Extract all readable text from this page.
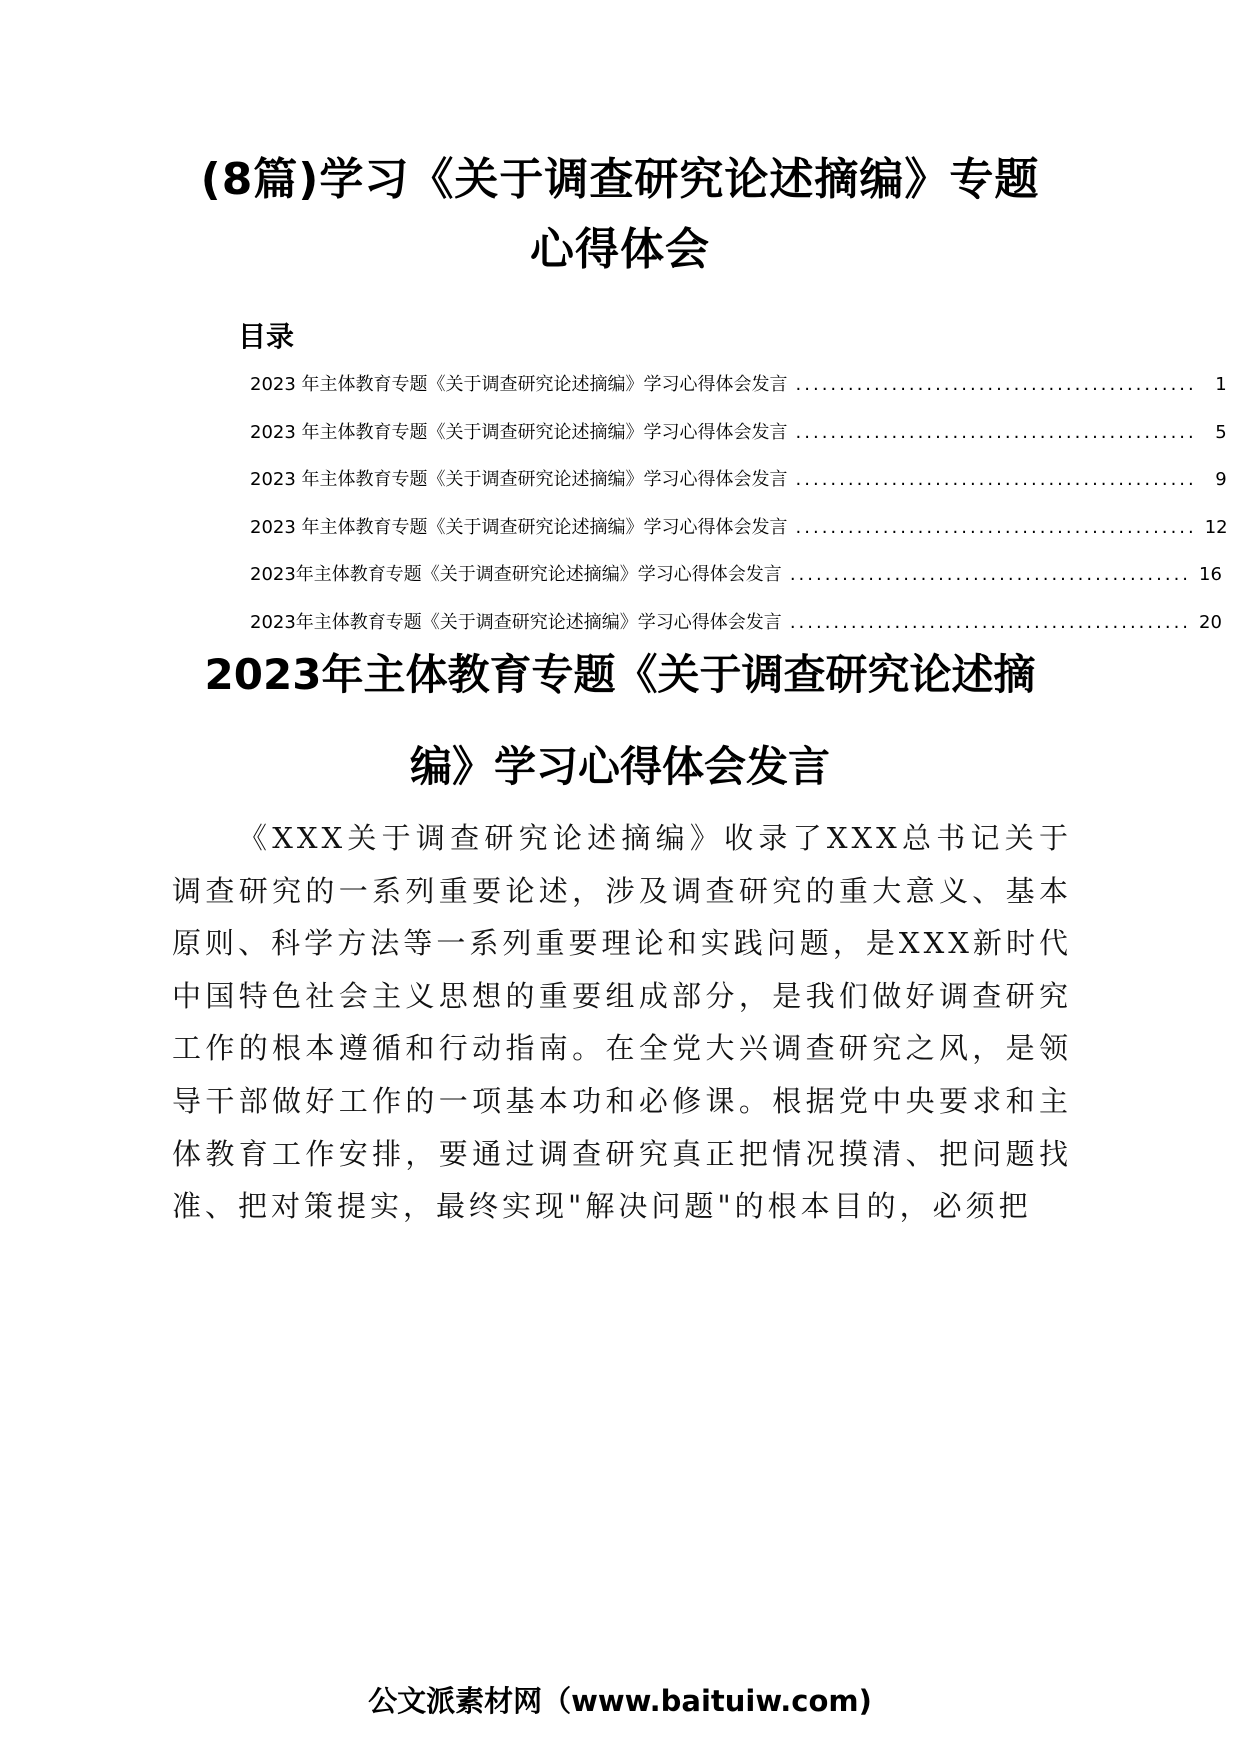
(8篇)学习《关于调查研究论述摘编》专题
心得体会
目录
2023 年主体教育专题《关于调查研究论述摘编》学习心得体会发言 ..............................................	1
2023 年主体教育专题《关于调查研究论述摘编》学习心得体会发言 ..............................................	5
2023 年主体教育专题《关于调查研究论述摘编》学习心得体会发言 ..............................................	9
2023 年主体教育专题《关于调查研究论述摘编》学习心得体会发言 .............................................. 12
2023年主体教育专题《关于调查研究论述摘编》学习心得体会发言 .............................................. 16
2023年主体教育专题《关于调查研究论述摘编》学习心得体会发言 .............................................. 20
2023年主体教育专题《关于调查研究论述摘
编》学习心得体会发言

《XXX关于调查研究论述摘编》收录了XXX总书记关于 调查研究的一系列重要论述，涉及调查研究的重大意义、基本原则、科学方法等一系列重要理论和实践问题，是XXX新时代中国特色社会主义思想的重要组成部分，是我们做好调查研究工作的根本遵循和行动指南。在全党大兴调查研究之风，是领导干部做好工作的一项基本功和必修课。根据党中央要求和主体教育工作安排，要通过调查研究真正把情况摸清、把问题找准、把对策提实，最终实现"解决问题"的根本目的，必须把

公文派素材网（www.baituiw.com)
